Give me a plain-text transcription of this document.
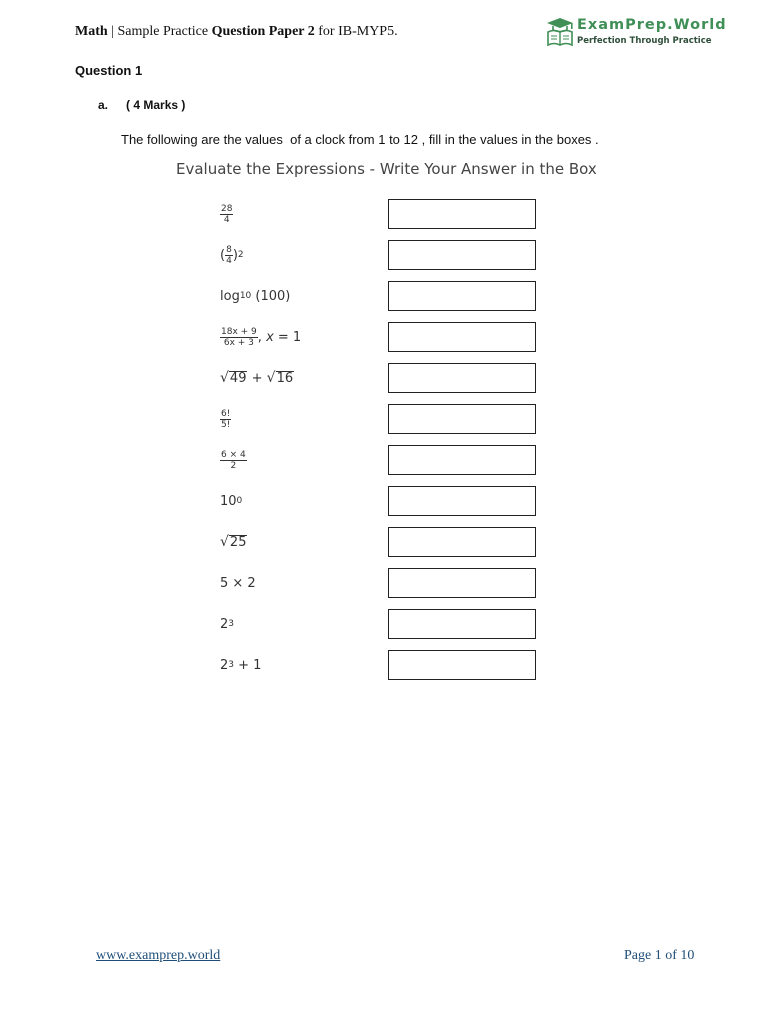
Math | Sample Practice Question Paper 2 for IB-MYP5.	ExamPrep.World
Perfection Through Practice
Question 1
a. ( 4 Marks )
The following are the values  of a clock from 1 to 12 , fill in the values in the boxes .
Evaluate the Expressions - Write Your Answer in the Box
$\frac{28}{4}$
( $\frac{8}{4}$ ) 2
log 10
(100)
$\frac{18x + 9}{6x + 3}$ ,
x
= 1
√ 49
+
√ 16
$\frac{6!}{5!}$
$\frac{6 \times 4}{2}$
10 0
√ 25
5 × 2
2 3
2 3
+ 1
www.examprep.world	Page 1 of 10
